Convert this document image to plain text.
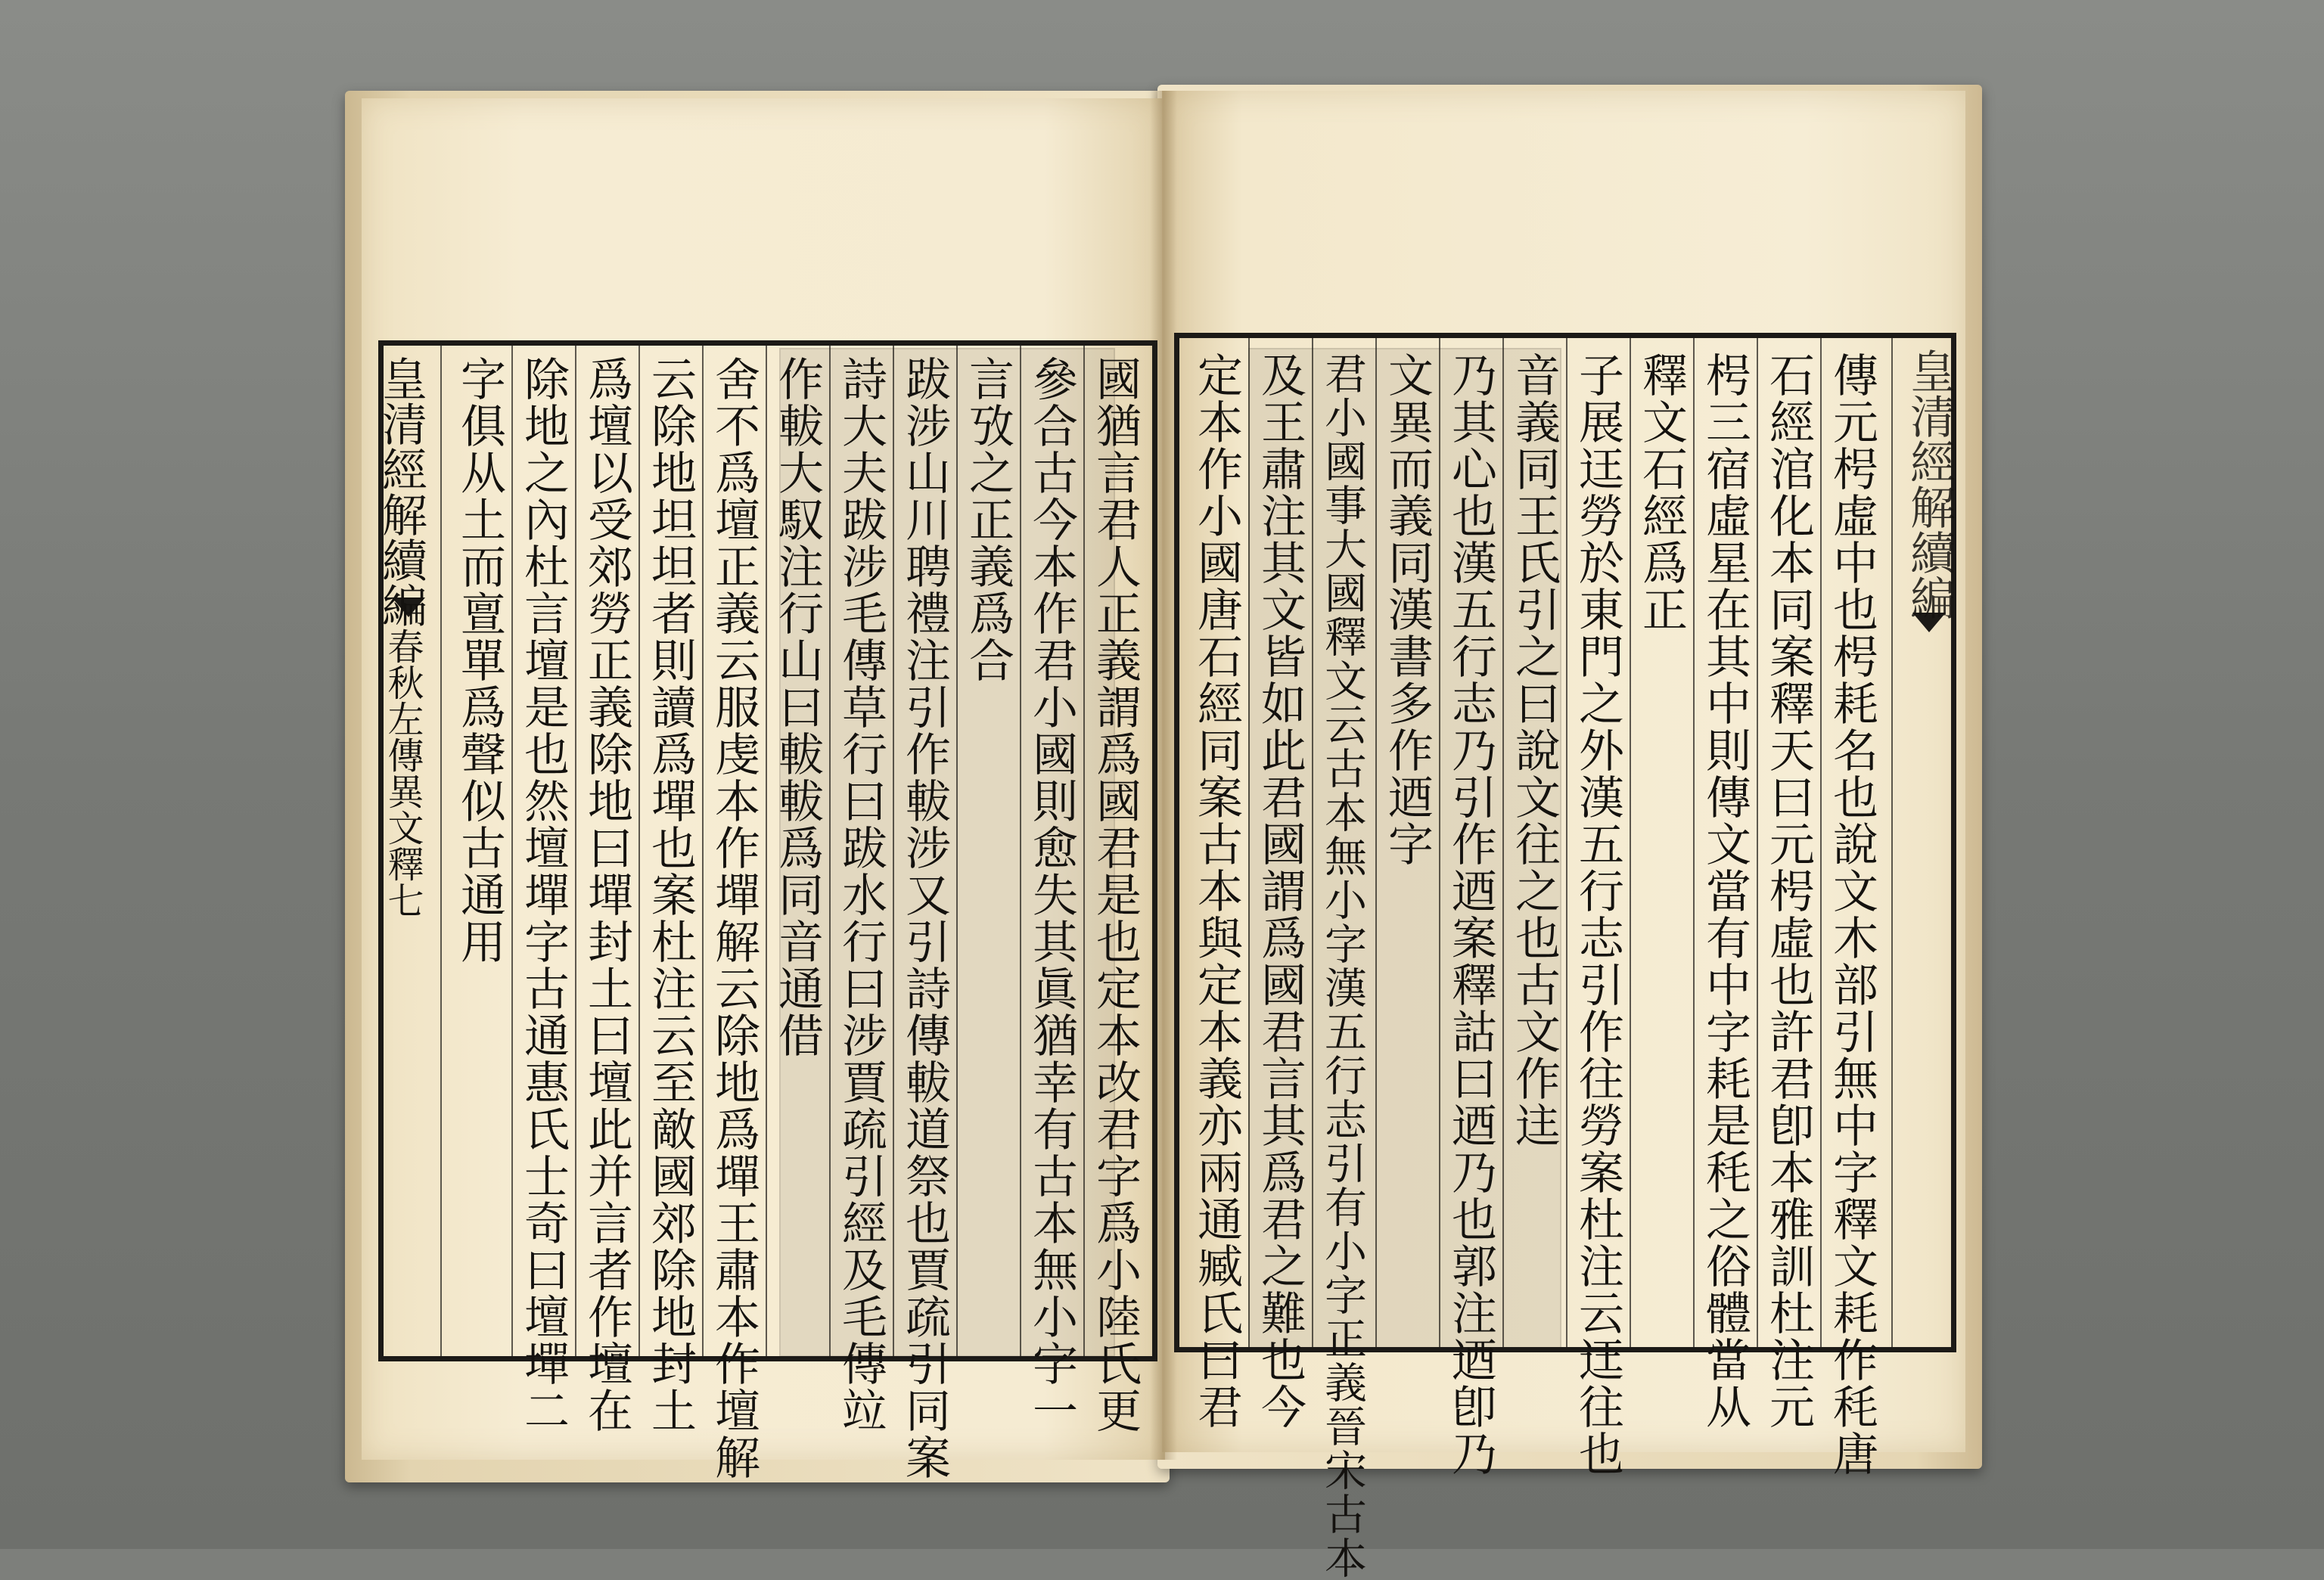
皇清經解續編
春秋左傳異文釋七	國猶言君人正義謂爲國君是也定本改君字爲小陸氏更
參合古今本作君小國則愈失其眞猶幸有古本無小字一
言攷之正義爲合
跋涉山川聘禮注引作軷涉又引詩傳軷道祭也賈疏引同案
詩大夫跋涉毛傳草行曰跋水行曰涉賈疏引經及毛傳竝
作軷大馭注行山曰軷軷爲同音通借
舍不爲壇正義云服虔本作墠解云除地爲墠王肅本作壇解
云除地坦坦者則讀爲墠也案杜注云至敵國郊除地封土
爲壇以受郊勞正義除地曰墠封土曰壇此并言者作壇在
除地之內杜言壇是也然壇墠字古通惠氏士奇曰壇墠二
字俱从土而亶單爲聲似古通用	皇清經解續編
傳元枵虛中也枵耗名也說文木部引無中字釋文耗作秏唐
石經涫化本同案釋天曰元枵虛也許君卽本雅訓杜注元
枵三宿虛星在其中則傳文當有中字耗是秏之俗體當从
釋文石經爲正
子展迋勞於東門之外漢五行志引作往勞案杜注云迋往也
音義同王氏引之曰說文往之也古文作迬
乃其心也漢五行志乃引作迺案釋詁曰迺乃也郭注迺卽乃
文異而義同漢書多作迺字
君小國事大國釋文云古本無小字漢五行志引有小字正義晉宋古本
及王肅注其文皆如此君國謂爲國君言其爲君之難也今
定本作小國唐石經同案古本與定本義亦兩通臧氏曰君
